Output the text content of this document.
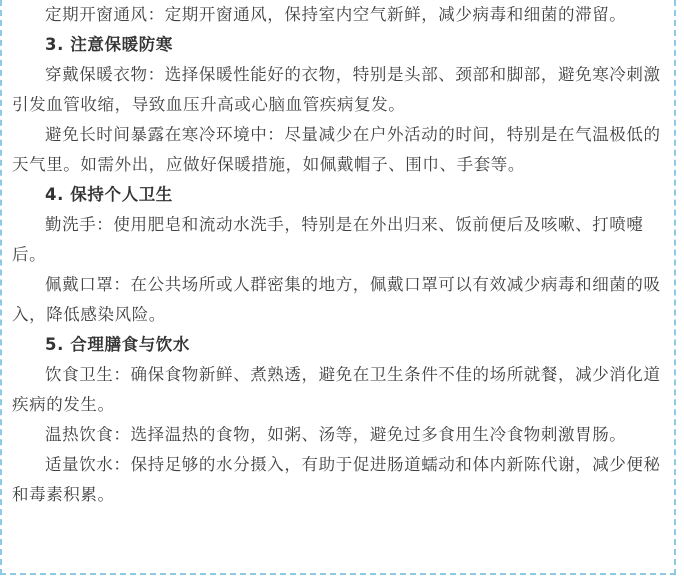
定期开窗通风：定期开窗通风，保持室内空气新鲜，减少病毒和细菌的滞留。

3. 注意保暖防寒

穿戴保暖衣物：选择保暖性能好的衣物，特别是头部、颈部和脚部，避免寒冷刺激引发血管收缩，导致血压升高或心脑血管疾病复发。

避免长时间暴露在寒冷环境中：尽量减少在户外活动的时间，特别是在气温极低的天气里。如需外出，应做好保暖措施，如佩戴帽子、围巾、手套等。

4. 保持个人卫生

勤洗手：使用肥皂和流动水洗手，特别是在外出归来、饭前便后及咳嗽、打喷嚏后。

佩戴口罩：在公共场所或人群密集的地方，佩戴口罩可以有效减少病毒和细菌的吸入，降低感染风险。

5. 合理膳食与饮水

饮食卫生：确保食物新鲜、煮熟透，避免在卫生条件不佳的场所就餐，减少消化道疾病的发生。

温热饮食：选择温热的食物，如粥、汤等，避免过多食用生冷食物刺激胃肠。

适量饮水：保持足够的水分摄入，有助于促进肠道蠕动和体内新陈代谢，减少便秘和毒素积累。
